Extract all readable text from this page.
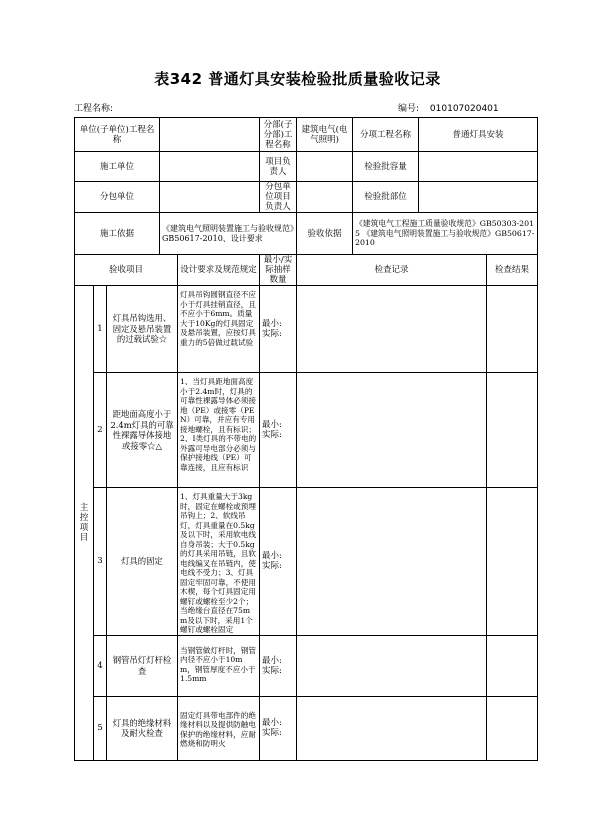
表342 普通灯具安装检验批质量验收记录
工程名称:	编号: 010107020401
单位(子单位)工程名称					分部(子分部)工程名称	建筑电气(电气照明)	分项工程名称 普通灯具安装	

施工单位					项目负责人		检验批容量	

分包单位					分包单位项目负责人		检验批部位	

施工依据			《建筑电气照明装置施工与验收规范》GB50617-2010、设计要求			验收依据	《建筑电气工程施工质量验收规范》GB50303-2015 《建筑电气照明装置施工与验收规范》GB50617-2010	
验收项目				设计要求及规范规定	最小/实际抽样数量	检查记录		检查结果
主控项目	1	灯具吊钩选用、固定及悬吊装置的过载试验☆		灯具吊钩圆钢直径不应小于灯具挂销直径，且不应小于6mm。质量大于10Kg的灯具固定及悬吊装置，应按灯具重力的5倍做过载试验	最小:
实际:			

	2	距地面高度小于2.4m灯具的可靠性裸露导体接地或接零☆△		1、当灯具距地面高度小于2.4m时，灯具的可靠性裸露导体必须接地（PE）或接零（PEN）可靠，并应有专用接地螺栓，且有标识；2、Ⅰ类灯具的不带电的外露可导电部分必须与保护接地线（PE）可靠连接，且应有标识	最小:
实际:			

	3	灯具的固定		1、灯具重量大于3kg时，固定在螺栓或预埋吊钩上；2、软线吊灯，灯具重量在0.5kg及以下时，采用软电线自身吊装；大于0.5kg的灯具采用吊链，且软电线编叉在吊链内，使电线不受力；3、灯具固定牢固可靠，不使用木楔，每个灯具固定用螺钉或螺栓至少2个；当绝缘台直径在75mm及以下时，采用1个螺钉或螺栓固定	最小:
实际:			

	4	钢管吊灯灯杆检查		当钢管做灯杆时，钢管内径不应小于10mm，钢管厚度不应小于1.5mm	最小:
实际:			

	5	灯具的绝缘材料及耐火检查		固定灯具带电部件的绝缘材料以及提供防触电保护的绝缘材料，应耐燃烧和防明火	最小:
实际:			
